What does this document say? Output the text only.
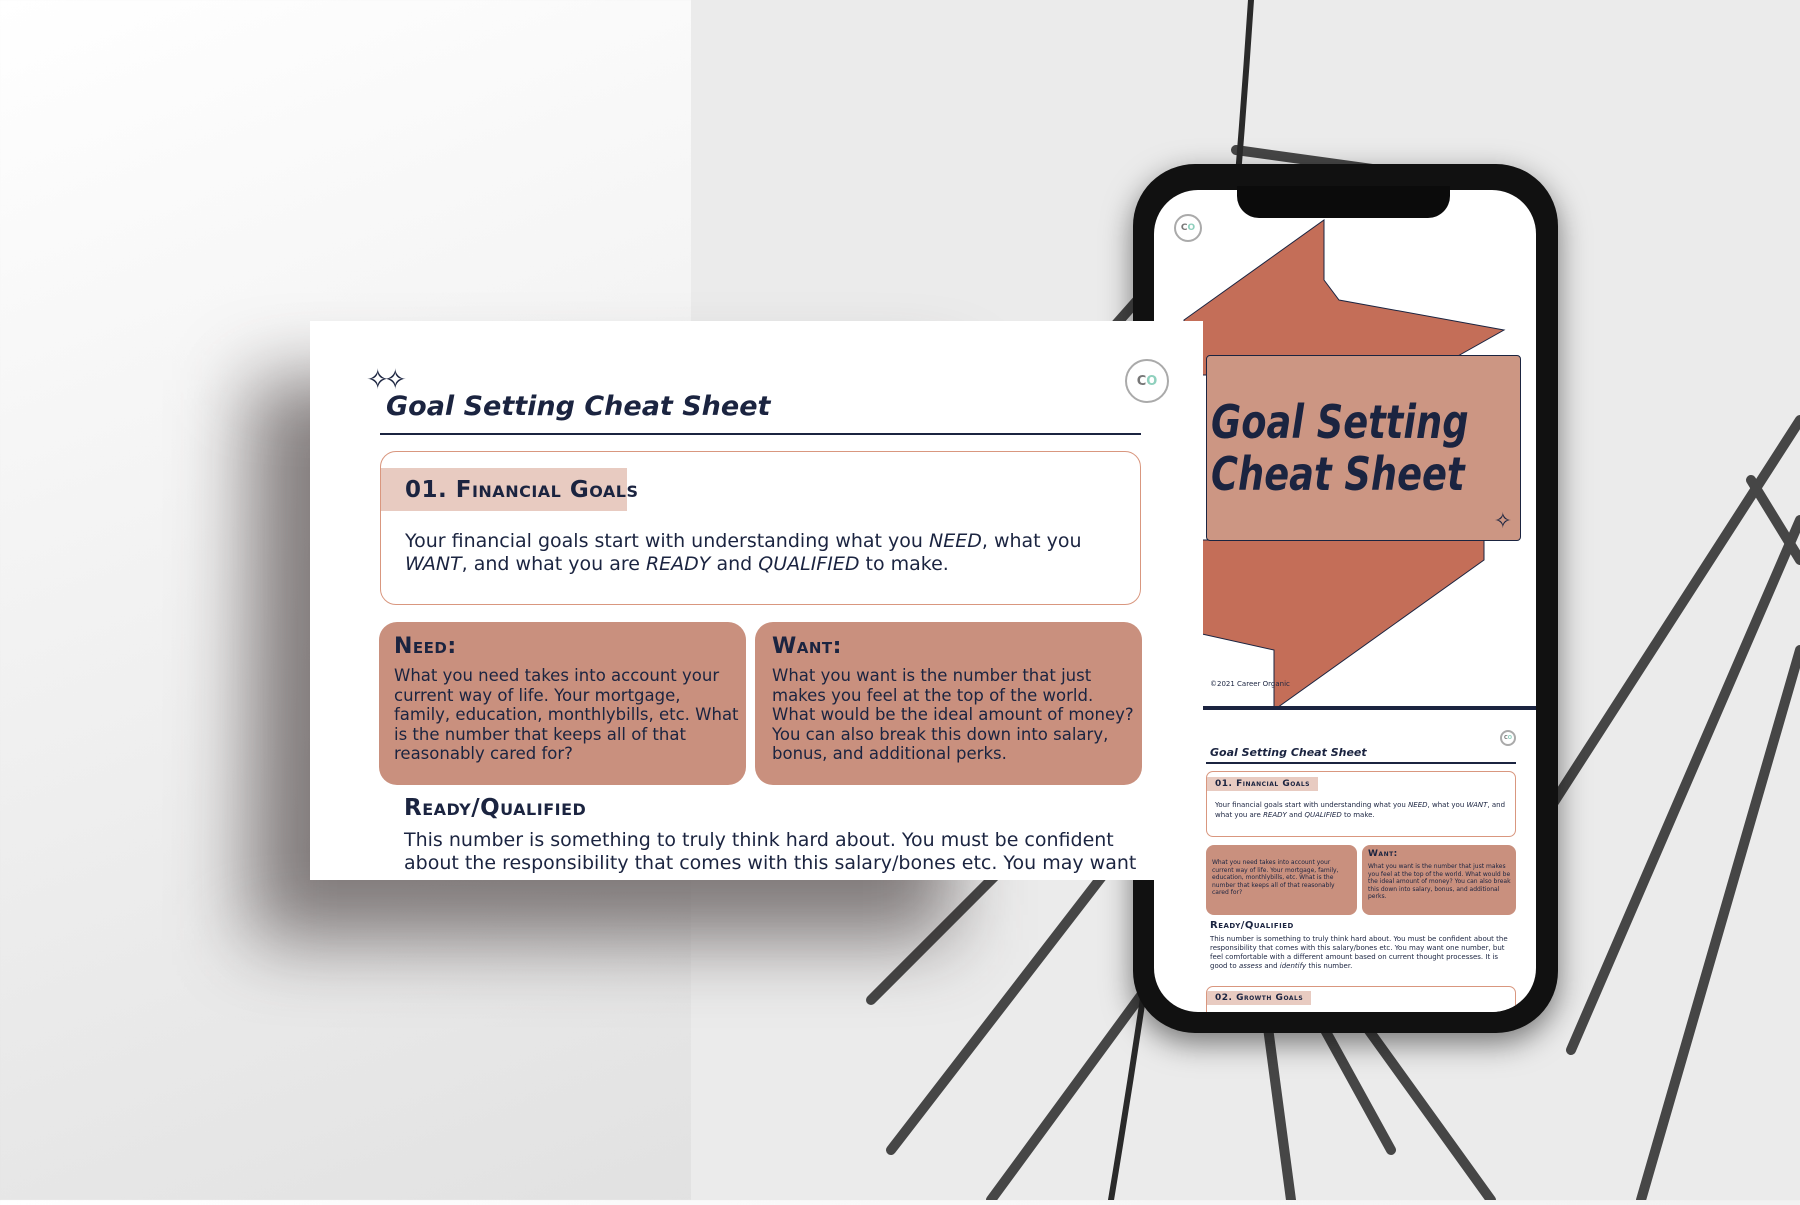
C O
Goal Setting
Cheat Sheet
✧
©2021 Career Organic
C O
Goal Setting Cheat Sheet
01. Financial Goals
Your financial goals start with understanding what you NEED, what you WANT, and what you are READY and QUALIFIED to make.
What you need takes into account your current way of life. Your mortgage, family, education, monthlybills, etc. What is the number that keeps all of that reasonably cared for?
Want:
What you want is the number that just makes you feel at the top of the world. What would be the ideal amount of money? You can also break this down into salary, bonus, and additional perks.
Ready/Qualified
This number is something to truly think hard about. You must be confident about the responsibility that comes with this salary/bones etc. You may want one number, but feel comfortable with a different amount based on current thought processes. It is good to assess and identify this number.
02. Growth Goals
✧✧
Goal Setting Cheat Sheet
C O
01. Financial Goals
Your financial goals start with understanding what you NEED, what you WANT, and what you are READY and QUALIFIED to make.
Need:
What you need takes into account your current way of life. Your mortgage, family, education, monthlybills, etc. What is the number that keeps all of that reasonably cared for?
Want:
What you want is the number that just makes you feel at the top of the world. What would be the ideal amount of money? You can also break this down into salary, bonus, and additional perks.
Ready/Qualified
This number is something to truly think hard about. You must be confident about the responsibility that comes with this salary/bones etc. You may want
